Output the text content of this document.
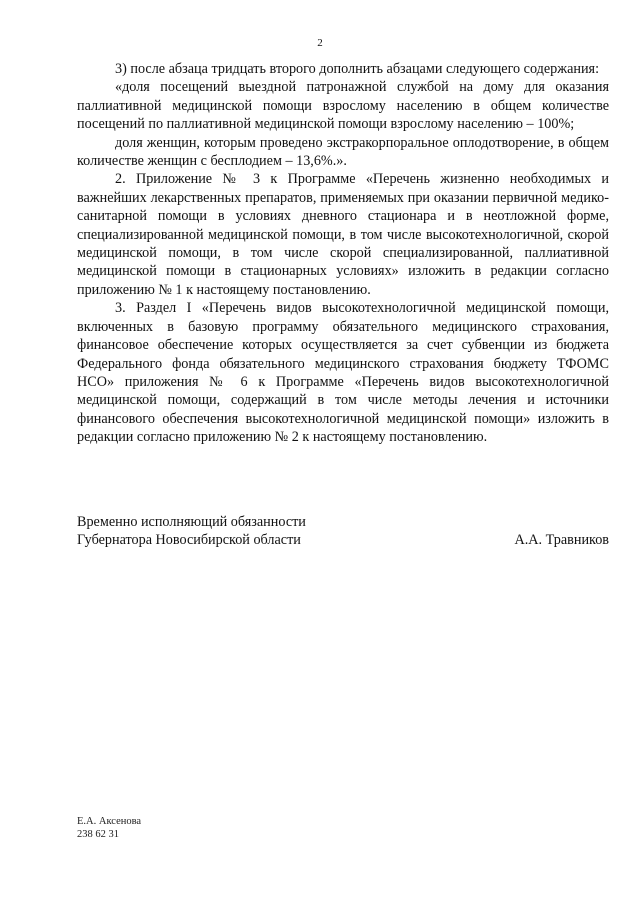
2

3) после абзаца тридцать второго дополнить абзацами следующего содержания:

«доля посещений выездной патронажной службой на дому для оказания паллиативной медицинской помощи взрослому населению в общем количестве посещений по паллиативной медицинской помощи взрослому населению – 100%;

доля женщин, которым проведено экстракорпоральное оплодотворение, в общем количестве женщин с бесплодием – 13,6%.».

2. Приложение № 3 к Программе «Перечень жизненно необходимых и важнейших лекарственных препаратов, применяемых при оказании первичной медико-санитарной помощи в условиях дневного стационара и в неотложной форме, специализированной медицинской помощи, в том числе высокотехнологичной, скорой медицинской помощи, в том числе скорой специализированной, паллиативной медицинской помощи в стационарных условиях» изложить в редакции согласно приложению № 1 к настоящему постановлению.

3. Раздел I «Перечень видов высокотехнологичной медицинской помощи, включенных в базовую программу обязательного медицинского страхования, финансовое обеспечение которых осуществляется за счет субвенции из бюджета Федерального фонда обязательного медицинского страхования бюджету ТФОМС НСО» приложения № 6 к Программе «Перечень видов высокотехнологичной медицинской помощи, содержащий в том числе методы лечения и источники финансового обеспечения высокотехнологичной медицинской помощи» изложить в редакции согласно приложению № 2 к настоящему постановлению.

Временно исполняющий обязанности
Губернатора Новосибирской области	А.А. Травников
Е.А. Аксенова
238 62 31
